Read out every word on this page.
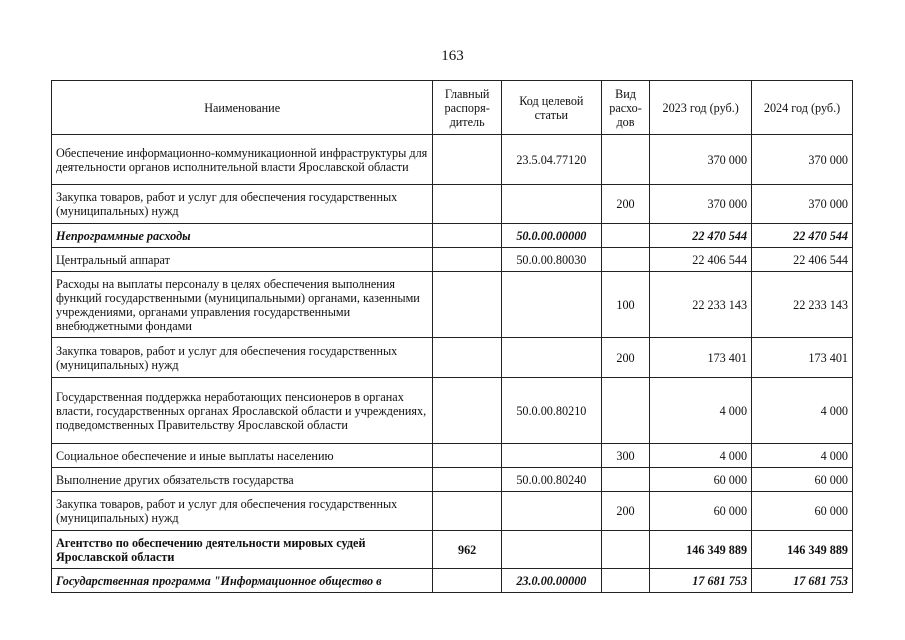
163
Наименование	Главный распоря-дитель	Код целевой статьи	Вид расхо-дов	2023 год (руб.)	2024 год (руб.)
Обеспечение информационно-коммуникационной инфраструктуры для деятельности органов исполнительной власти Ярославской области		23.5.04.77120		370 000	370 000
Закупка товаров, работ и услуг для обеспечения государственных (муниципальных) нужд			200	370 000	370 000
Непрограммные расходы		50.0.00.00000		22 470 544	22 470 544
Центральный аппарат		50.0.00.80030		22 406 544	22 406 544
Расходы на выплаты персоналу в целях обеспечения выполнения функций государственными (муниципальными) органами, казенными учреждениями, органами управления государственными внебюджетными фондами			100	22 233 143	22 233 143
Закупка товаров, работ и услуг для обеспечения государственных (муниципальных) нужд			200	173 401	173 401
Государственная поддержка неработающих пенсионеров в органах власти, государственных органах Ярославской области и учреждениях, подведомственных Правительству Ярославской области		50.0.00.80210		4 000	4 000
Социальное обеспечение и иные выплаты населению			300	4 000	4 000
Выполнение других обязательств государства		50.0.00.80240		60 000	60 000
Закупка товаров, работ и услуг для обеспечения государственных (муниципальных) нужд			200	60 000	60 000
Агентство по обеспечению деятельности мировых судей Ярославской области	962			146 349 889	146 349 889
Государственная программа "Информационное общество в		23.0.00.00000		17 681 753	17 681 753
